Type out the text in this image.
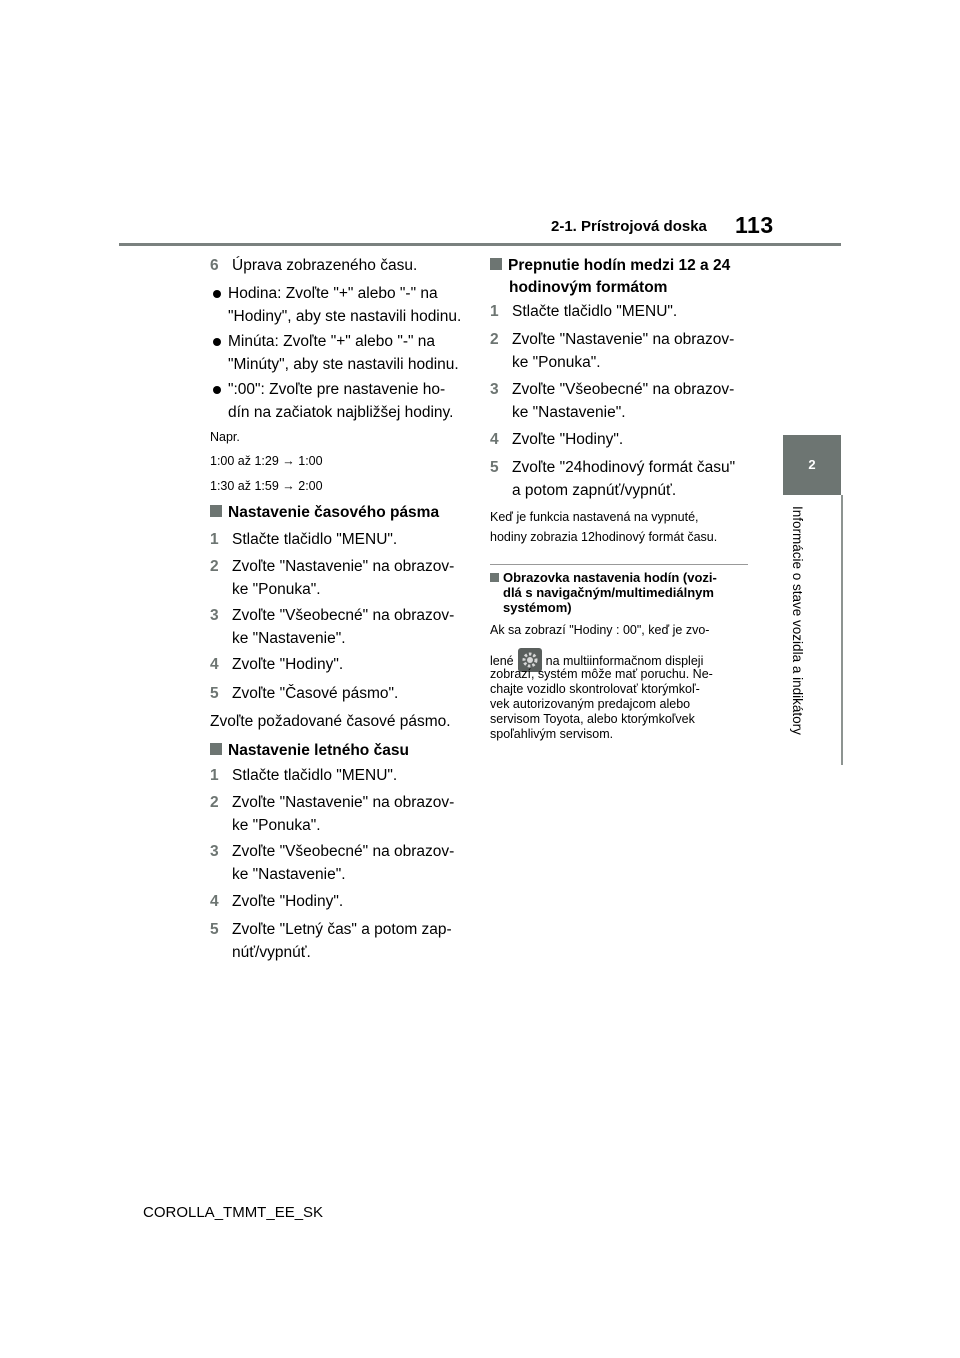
2-1. Prístrojová doska 113
2
Informácie o stave vozidla a indikátory
6 Úprava zobrazeného času.
Hodina: Zvoľte "+" alebo "-" na
"Hodiny", aby ste nastavili hodinu.
Minúta: Zvoľte "+" alebo "-" na
"Minúty", aby ste nastavili hodinu.
":00": Zvoľte pre nastavenie ho-
dín na začiatok najbližšej hodiny.
Napr.
1:00 až 1:29 → 1:00
1:30 až 1:59 → 2:00
Nastavenie časového pásma
1 Stlačte tlačidlo "MENU".
2 Zvoľte "Nastavenie" na obrazov-
ke "Ponuka".
3 Zvoľte "Všeobecné" na obrazov-
ke "Nastavenie".
4 Zvoľte "Hodiny".
5 Zvoľte "Časové pásmo".
Zvoľte požadované časové pásmo.
Nastavenie letného času
1 Stlačte tlačidlo "MENU".
2 Zvoľte "Nastavenie" na obrazov-
ke "Ponuka".
3 Zvoľte "Všeobecné" na obrazov-
ke "Nastavenie".
4 Zvoľte "Hodiny".
5 Zvoľte "Letný čas" a potom zap-
núť/vypnúť.
Prepnutie hodín medzi 12 a 24
hodinovým formátom
1 Stlačte tlačidlo "MENU".
2 Zvoľte "Nastavenie" na obrazov-
ke "Ponuka".
3 Zvoľte "Všeobecné" na obrazov-
ke "Nastavenie".
4 Zvoľte "Hodiny".
5 Zvoľte "24hodinový formát času"
a potom zapnúť/vypnúť.
Keď je funkcia nastavená na vypnuté,
hodiny zobrazia 12hodinový formát času.
Obrazovka nastavenia hodín (vozi-
dlá s navigačným/multimediálnym
systémom)
Ak sa zobrazí "Hodiny : 00", keď je zvo-
lené	na multiinformačnom displeji
zobrazí, systém môže mať poruchu. Ne-
chajte vozidlo skontrolovať ktorýmkoľ-
vek autorizovaným predajcom alebo
servisom Toyota, alebo ktorýmkoľvek
spoľahlivým servisom.
COROLLA_TMMT_EE_SK
